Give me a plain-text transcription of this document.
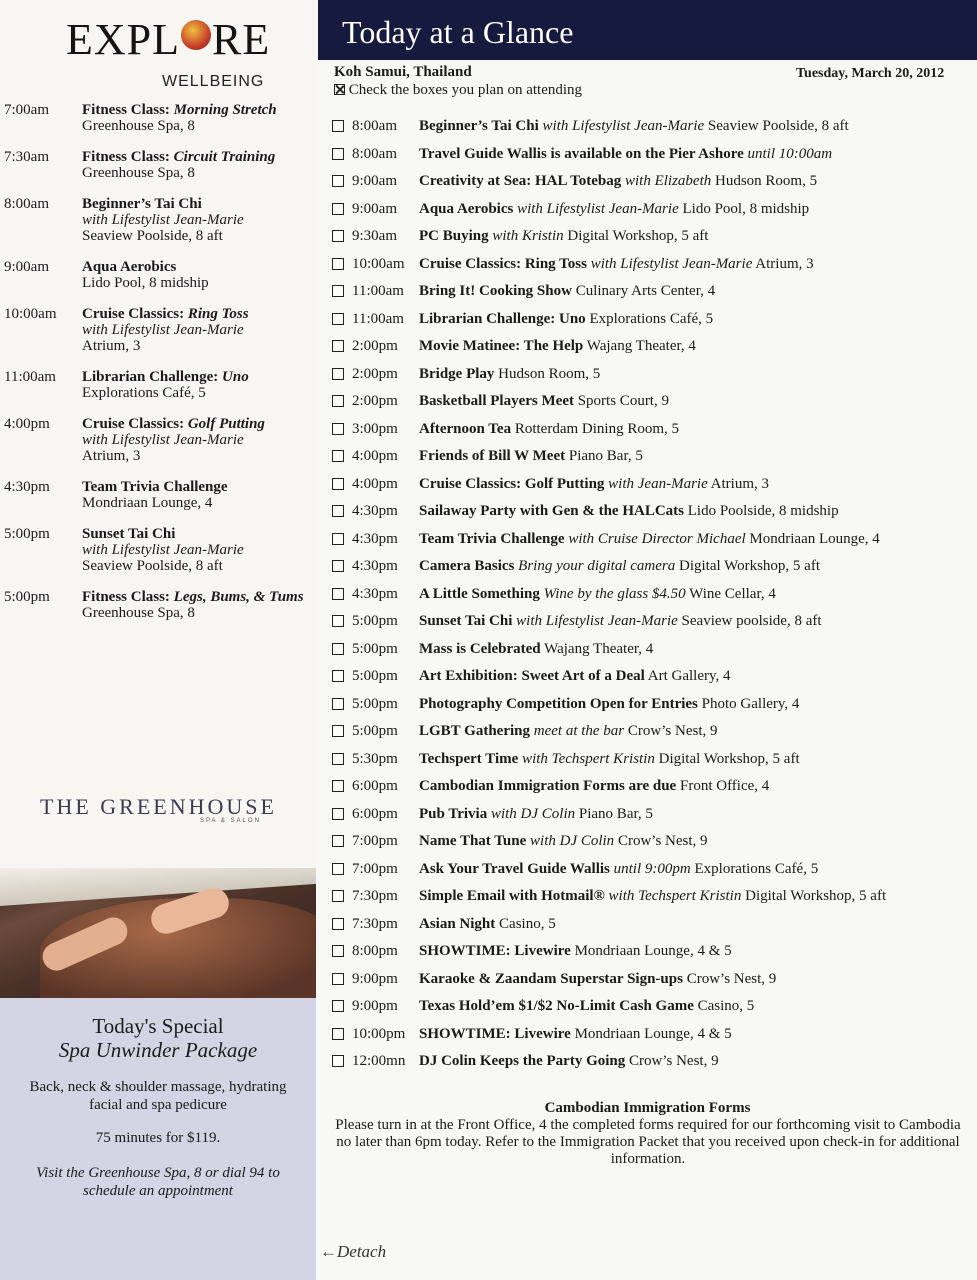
EXPL RE
WELLBEING
7:00am Fitness Class: Morning Stretch
Greenhouse Spa, 8
7:30am Fitness Class: Circuit Training
Greenhouse Spa, 8
8:00am Beginner’s Tai Chi
with Lifestylist Jean-Marie
Seaview Poolside, 8 aft
9:00am Aqua Aerobics
Lido Pool, 8 midship
10:00am Cruise Classics: Ring Toss
with Lifestylist Jean-Marie
Atrium, 3
11:00am Librarian Challenge: Uno
Explorations Café, 5
4:00pm Cruise Classics: Golf Putting
with Lifestylist Jean-Marie
Atrium, 3
4:30pm Team Trivia Challenge
Mondriaan Lounge, 4
5:00pm Sunset Tai Chi
with Lifestylist Jean-Marie
Seaview Poolside, 8 aft
5:00pm Fitness Class: Legs, Bums, & Tums
Greenhouse Spa, 8
THE GREENHOUSE
SPA & SALON
Today's Special
Spa Unwinder Package
Back, neck & shoulder massage, hydrating facial and spa pedicure
75 minutes for $119.
Visit the Greenhouse Spa, 8 or dial 94 to schedule an appointment
Today at a Glance
Koh Samui, Thailand	Tuesday, March 20, 2012
Check the boxes you plan on attending
8:00am Beginner’s Tai Chi with Lifestylist Jean-Marie Seaview Poolside, 8 aft
8:00am Travel Guide Wallis is available on the Pier Ashore until 10:00am
9:00am Creativity at Sea: HAL Totebag with Elizabeth Hudson Room, 5
9:00am Aqua Aerobics with Lifestylist Jean-Marie Lido Pool, 8 midship
9:30am PC Buying with Kristin Digital Workshop, 5 aft
10:00am Cruise Classics: Ring Toss with Lifestylist Jean-Marie Atrium, 3
11:00am Bring It! Cooking Show Culinary Arts Center, 4
11:00am Librarian Challenge: Uno Explorations Café, 5
2:00pm Movie Matinee: The Help Wajang Theater, 4
2:00pm Bridge Play Hudson Room, 5
2:00pm Basketball Players Meet Sports Court, 9
3:00pm Afternoon Tea Rotterdam Dining Room, 5
4:00pm Friends of Bill W Meet Piano Bar, 5
4:00pm Cruise Classics: Golf Putting with Jean-Marie Atrium, 3
4:30pm Sailaway Party with Gen & the HALCats Lido Poolside, 8 midship
4:30pm Team Trivia Challenge with Cruise Director Michael Mondriaan Lounge, 4
4:30pm Camera Basics Bring your digital camera Digital Workshop, 5 aft
4:30pm A Little Something Wine by the glass $4.50 Wine Cellar, 4
5:00pm Sunset Tai Chi with Lifestylist Jean-Marie Seaview poolside, 8 aft
5:00pm Mass is Celebrated Wajang Theater, 4
5:00pm Art Exhibition: Sweet Art of a Deal Art Gallery, 4
5:00pm Photography Competition Open for Entries Photo Gallery, 4
5:00pm LGBT Gathering meet at the bar Crow’s Nest, 9
5:30pm Techspert Time with Techspert Kristin Digital Workshop, 5 aft
6:00pm Cambodian Immigration Forms are due Front Office, 4
6:00pm Pub Trivia with DJ Colin Piano Bar, 5
7:00pm Name That Tune with DJ Colin Crow’s Nest, 9
7:00pm Ask Your Travel Guide Wallis until 9:00pm Explorations Café, 5
7:30pm Simple Email with Hotmail® with Techspert Kristin Digital Workshop, 5 aft
7:30pm Asian Night Casino, 5
8:00pm SHOWTIME: Livewire Mondriaan Lounge, 4 & 5
9:00pm Karaoke & Zaandam Superstar Sign-ups Crow’s Nest, 9
9:00pm Texas Hold’em $1/$2 No-Limit Cash Game Casino, 5
10:00pm SHOWTIME: Livewire Mondriaan Lounge, 4 & 5
12:00mn DJ Colin Keeps the Party Going Crow’s Nest, 9
Cambodian Immigration Forms
Please turn in at the Front Office, 4 the completed forms required for our forthcoming visit to Cambodia no later than 6pm today. Refer to the Immigration Packet that you received upon check-in for additional information.
←Detach
